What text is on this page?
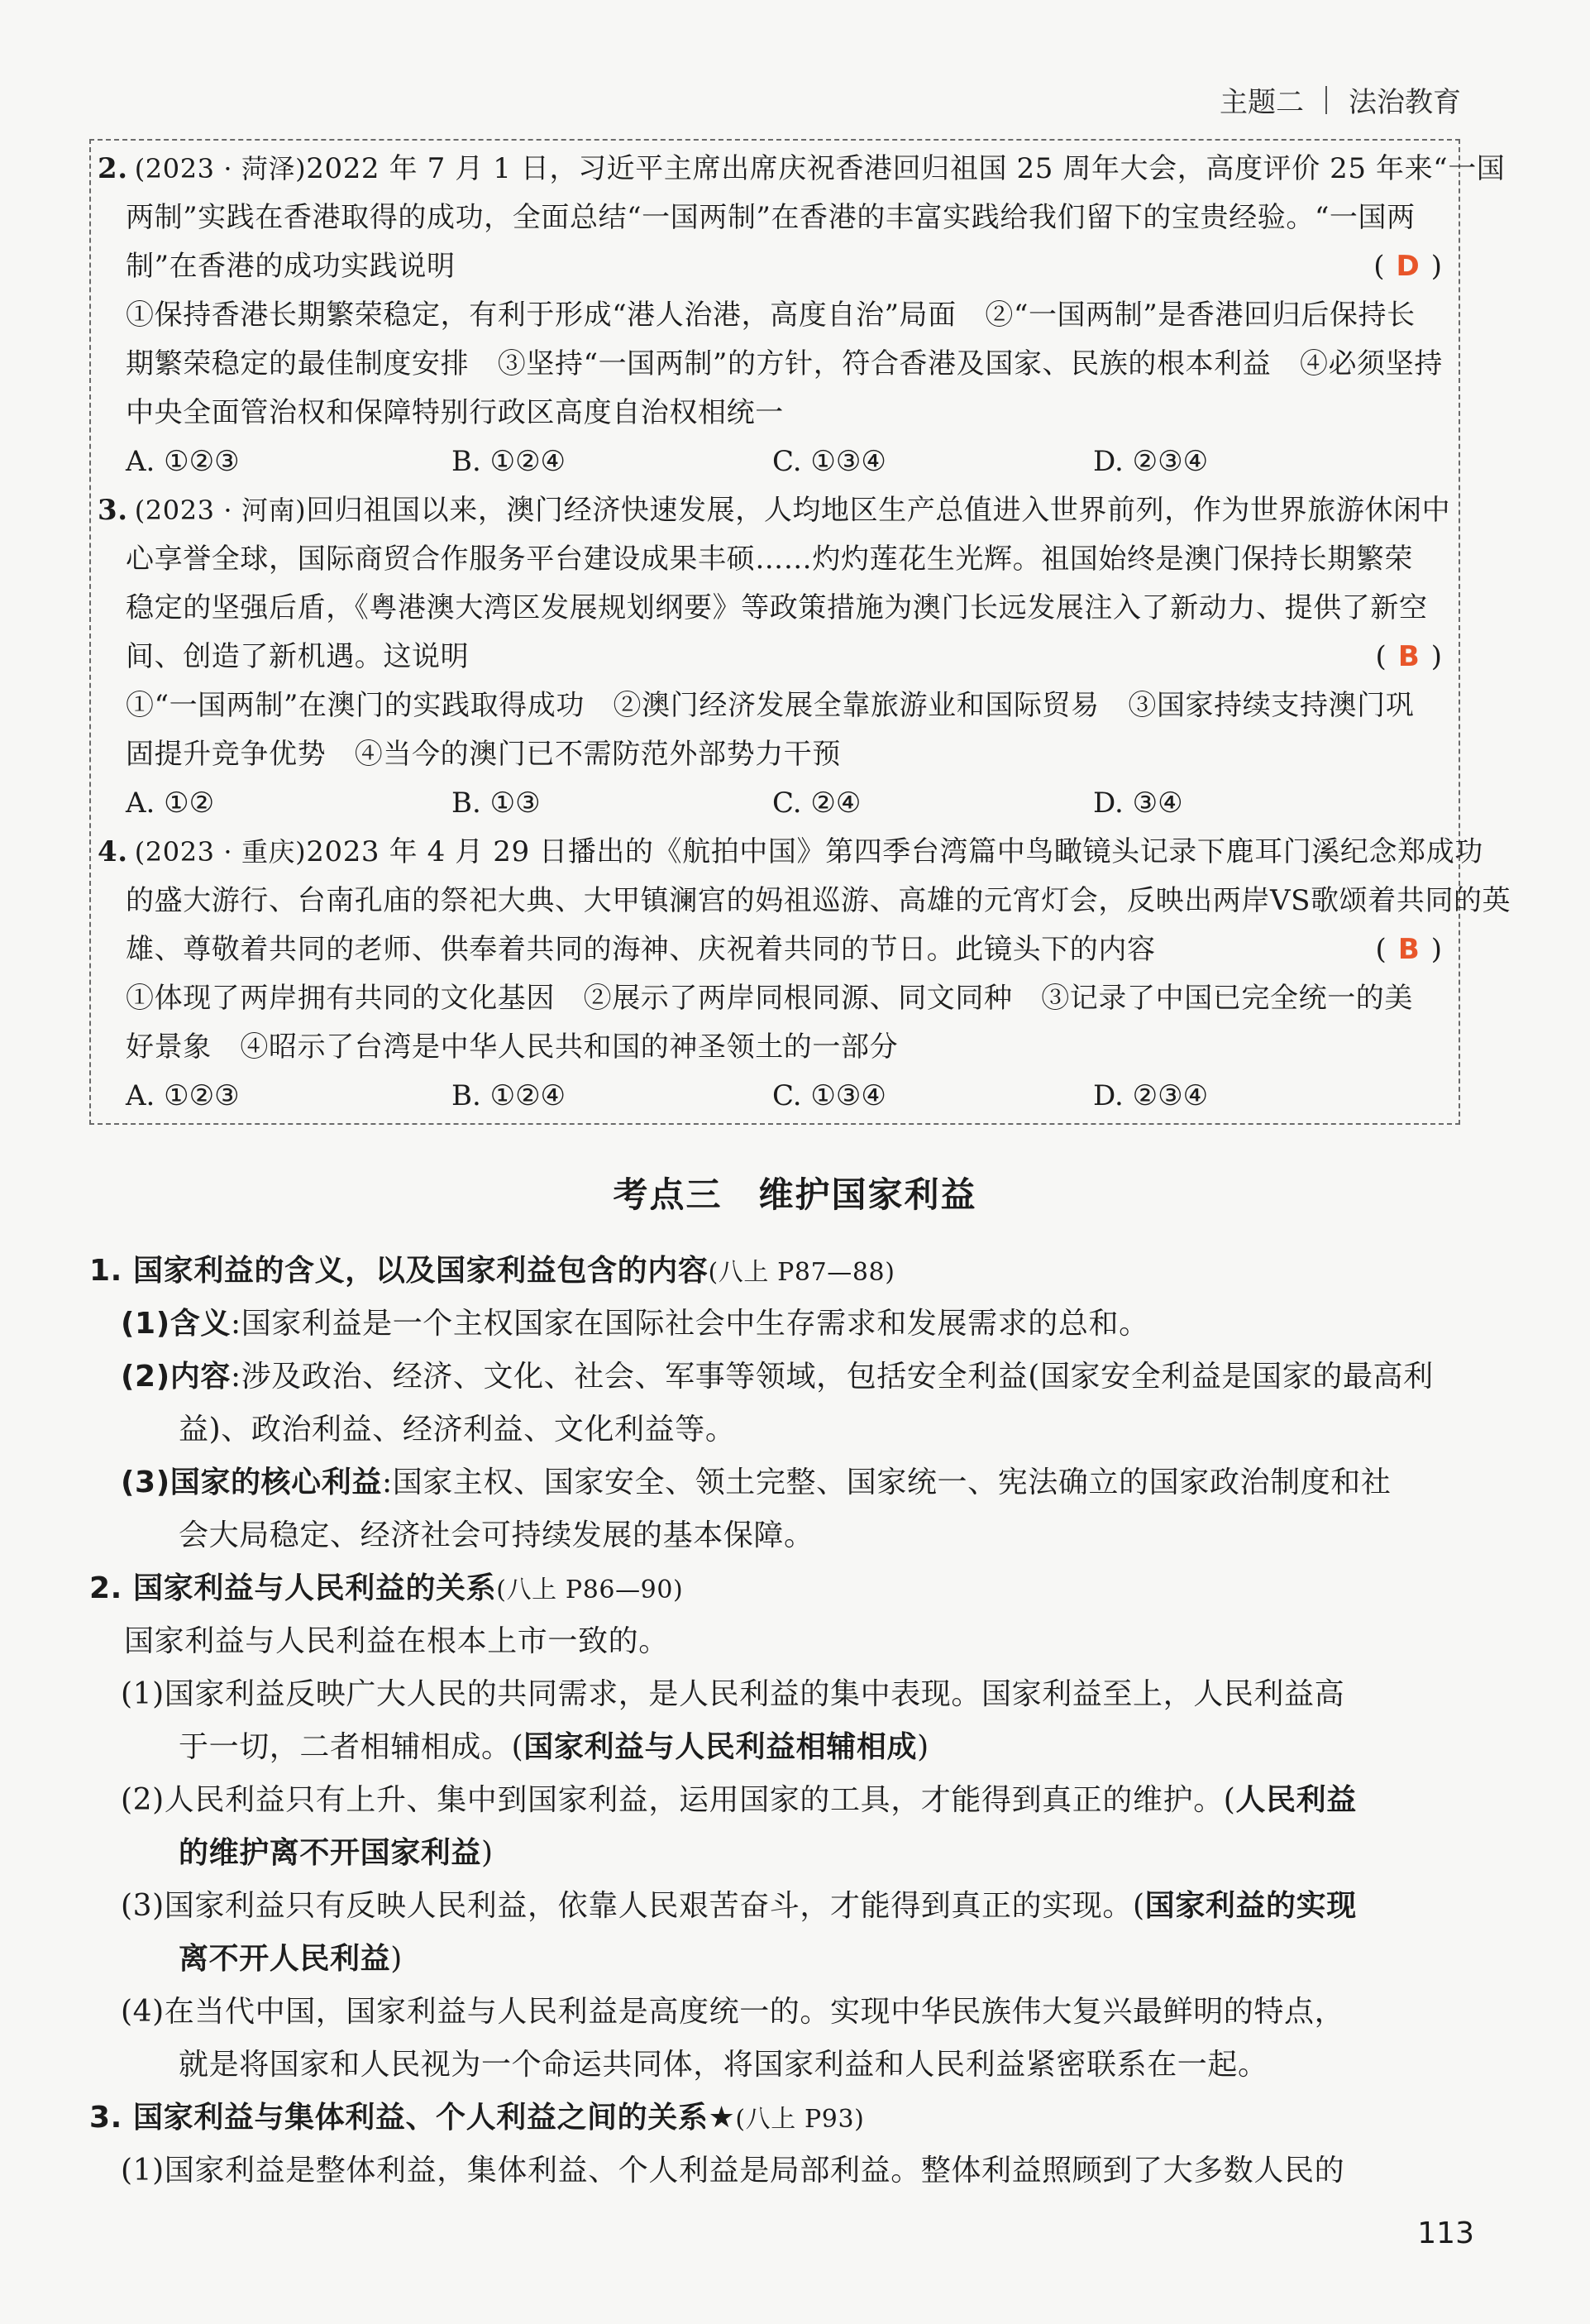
主题二 法治教育
2. (2023 · 菏泽)2022 年 7 月 1 日，习近平主席出席庆祝香港回归祖国 25 周年大会，高度评价 25 年来“一国
两制”实践在香港取得的成功，全面总结“一国两制”在香港的丰富实践给我们留下的宝贵经验。“一国两
制”在香港的成功实践说明	( D )
①保持香港长期繁荣稳定，有利于形成“港人治港，高度自治”局面　②“一国两制”是香港回归后保持长
期繁荣稳定的最佳制度安排　③坚持“一国两制”的方针，符合香港及国家、民族的根本利益　④必须坚持
中央全面管治权和保障特别行政区高度自治权相统一
A. ①②③	B. ①②④	C. ①③④	D. ②③④
3. (2023 · 河南)回归祖国以来，澳门经济快速发展，人均地区生产总值进入世界前列，作为世界旅游休闲中
心享誉全球，国际商贸合作服务平台建设成果丰硕……灼灼莲花生光辉。祖国始终是澳门保持长期繁荣
稳定的坚强后盾，《粤港澳大湾区发展规划纲要》等政策措施为澳门长远发展注入了新动力、提供了新空
间、创造了新机遇。这说明	( B )
①“一国两制”在澳门的实践取得成功　②澳门经济发展全靠旅游业和国际贸易　③国家持续支持澳门巩
固提升竞争优势　④当今的澳门已不需防范外部势力干预
A. ①②	B. ①③	C. ②④	D. ③④
4. (2023 · 重庆)2023 年 4 月 29 日播出的《航拍中国》第四季台湾篇中鸟瞰镜头记录下鹿耳门溪纪念郑成功
的盛大游行、台南孔庙的祭祀大典、大甲镇澜宫的妈祖巡游、高雄的元宵灯会，反映出两岸VS歌颂着共同的英
雄、尊敬着共同的老师、供奉着共同的海神、庆祝着共同的节日。此镜头下的内容	( B )
①体现了两岸拥有共同的文化基因　②展示了两岸同根同源、同文同种　③记录了中国已完全统一的美
好景象　④昭示了台湾是中华人民共和国的神圣领土的一部分
A. ①②③	B. ①②④	C. ①③④	D. ②③④
考点三　维护国家利益
1. 国家利益的含义，以及国家利益包含的内容(八上 P87—88)
(1)含义:国家利益是一个主权国家在国际社会中生存需求和发展需求的总和。
(2)内容:涉及政治、经济、文化、社会、军事等领域，包括安全利益(国家安全利益是国家的最高利
益)、政治利益、经济利益、文化利益等。
(3)国家的核心利益:国家主权、国家安全、领土完整、国家统一、宪法确立的国家政治制度和社
会大局稳定、经济社会可持续发展的基本保障。
2. 国家利益与人民利益的关系(八上 P86—90)
国家利益与人民利益在根本上市一致的。
(1)国家利益反映广大人民的共同需求，是人民利益的集中表现。国家利益至上，人民利益高
于一切，二者相辅相成。(国家利益与人民利益相辅相成)
(2)人民利益只有上升、集中到国家利益，运用国家的工具，才能得到真正的维护。(人民利益
的维护离不开国家利益)
(3)国家利益只有反映人民利益，依靠人民艰苦奋斗，才能得到真正的实现。(国家利益的实现
离不开人民利益)
(4)在当代中国，国家利益与人民利益是高度统一的。实现中华民族伟大复兴最鲜明的特点，
就是将国家和人民视为一个命运共同体，将国家利益和人民利益紧密联系在一起。
3. 国家利益与集体利益、个人利益之间的关系★(八上 P93)
(1)国家利益是整体利益，集体利益、个人利益是局部利益。整体利益照顾到了大多数人民的
113
